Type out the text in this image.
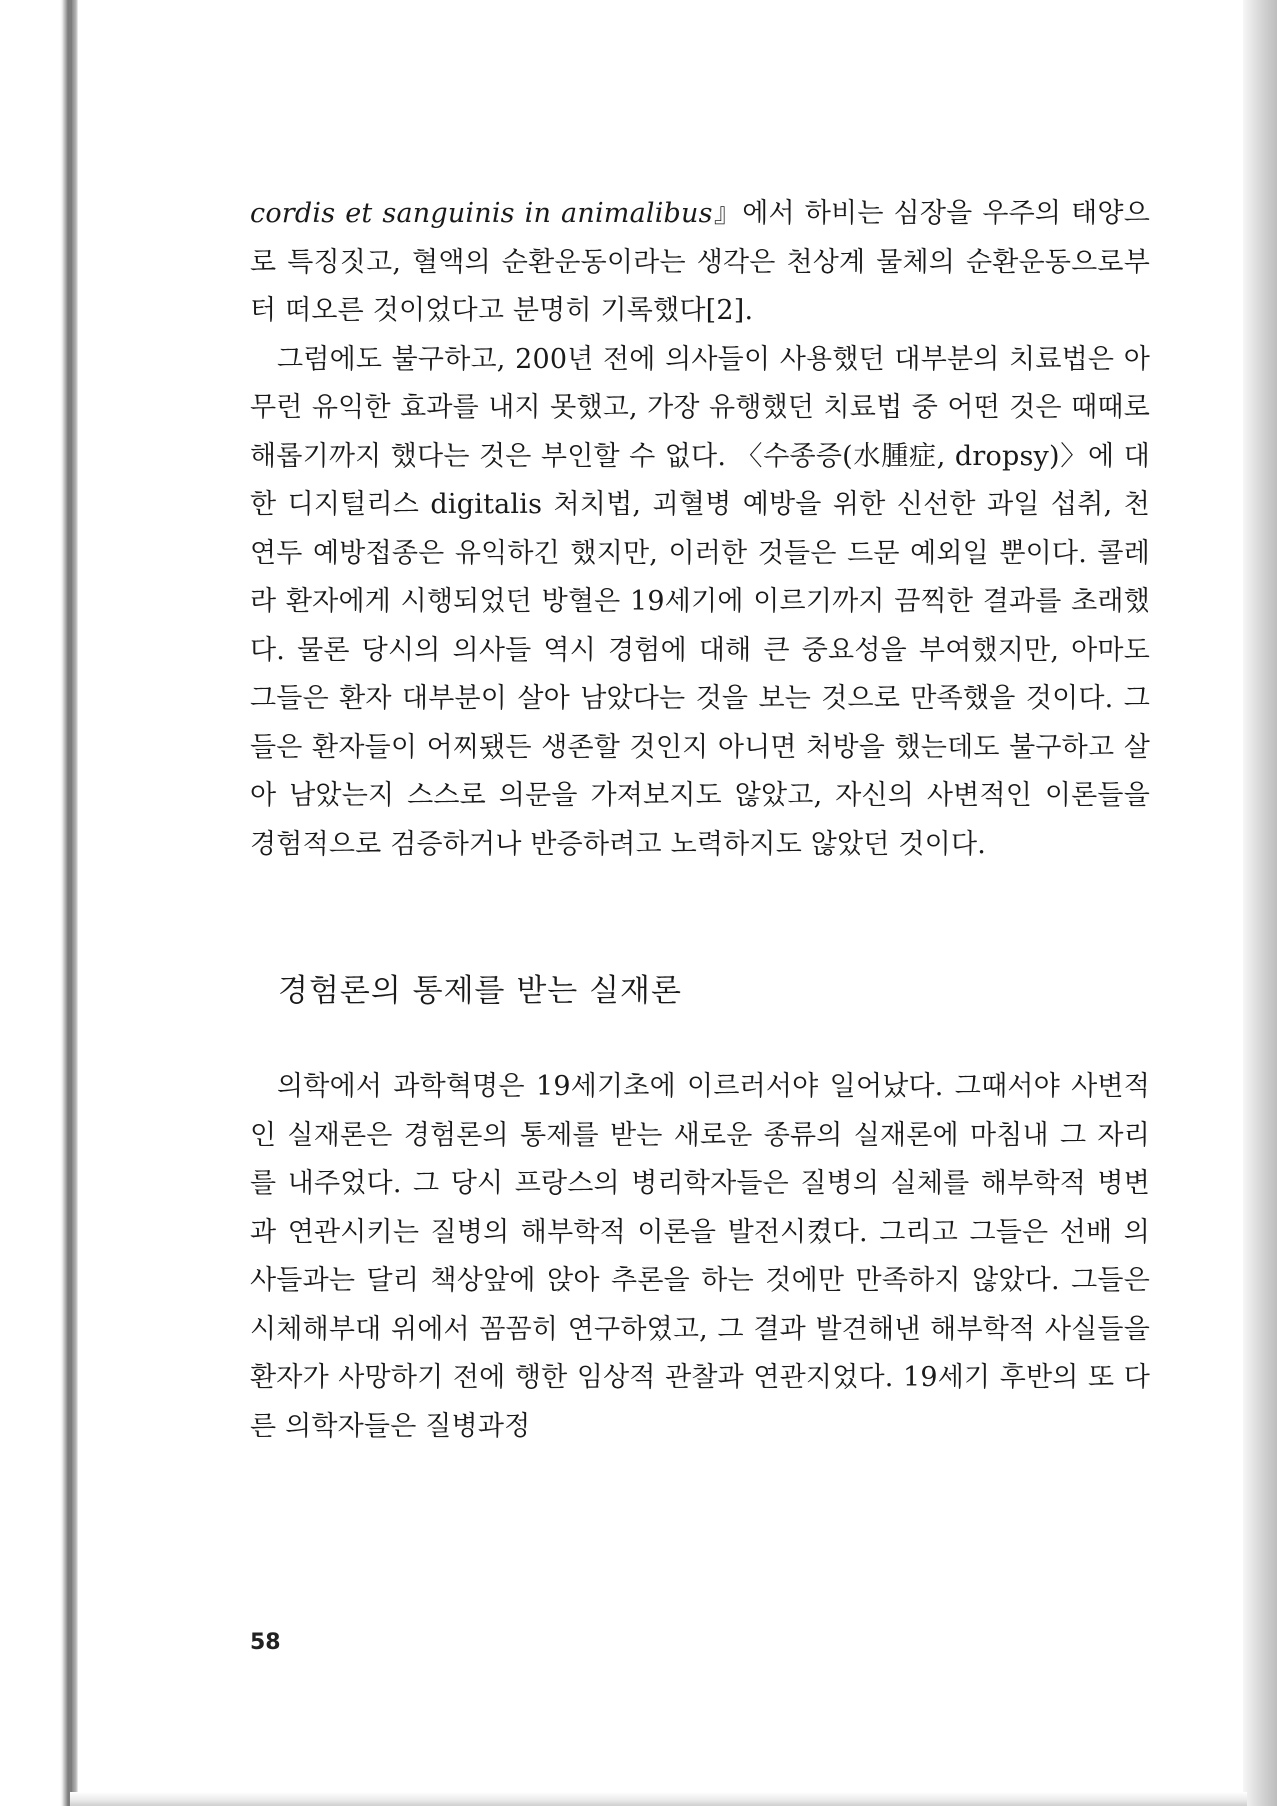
cordis et sanguinis in animalibus』에서 하비는 심장을 우주의 태양으로 특징짓고, 혈액의 순환운동이라는 생각은 천상계 물체의 순환운동으로부터 떠오른 것이었다고 분명히 기록했다[2].

그럼에도 불구하고, 200년 전에 의사들이 사용했던 대부분의 치료법은 아무런 유익한 효과를 내지 못했고, 가장 유행했던 치료법 중 어떤 것은 때때로 해롭기까지 했다는 것은 부인할 수 없다. 〈수종증(水腫症, dropsy)〉에 대한 디지털리스 digitalis 처치법, 괴혈병 예방을 위한 신선한 과일 섭취, 천연두 예방접종은 유익하긴 했지만, 이러한 것들은 드문 예외일 뿐이다. 콜레라 환자에게 시행되었던 방혈은 19세기에 이르기까지 끔찍한 결과를 초래했다. 물론 당시의 의사들 역시 경험에 대해 큰 중요성을 부여했지만, 아마도 그들은 환자 대부분이 살아 남았다는 것을 보는 것으로 만족했을 것이다. 그들은 환자들이 어찌됐든 생존할 것인지 아니면 처방을 했는데도 불구하고 살아 남았는지 스스로 의문을 가져보지도 않았고, 자신의 사변적인 이론들을 경험적으로 검증하거나 반증하려고 노력하지도 않았던 것이다.

경험론의 통제를 받는 실재론

의학에서 과학혁명은 19세기초에 이르러서야 일어났다. 그때서야 사변적인 실재론은 경험론의 통제를 받는 새로운 종류의 실재론에 마침내 그 자리를 내주었다. 그 당시 프랑스의 병리학자들은 질병의 실체를 해부학적 병변과 연관시키는 질병의 해부학적 이론을 발전시켰다. 그리고 그들은 선배 의사들과는 달리 책상앞에 앉아 추론을 하는 것에만 만족하지 않았다. 그들은 시체해부대 위에서 꼼꼼히 연구하였고, 그 결과 발견해낸 해부학적 사실들을 환자가 사망하기 전에 행한 임상적 관찰과 연관지었다. 19세기 후반의 또 다른 의학자들은 질병과정

58
